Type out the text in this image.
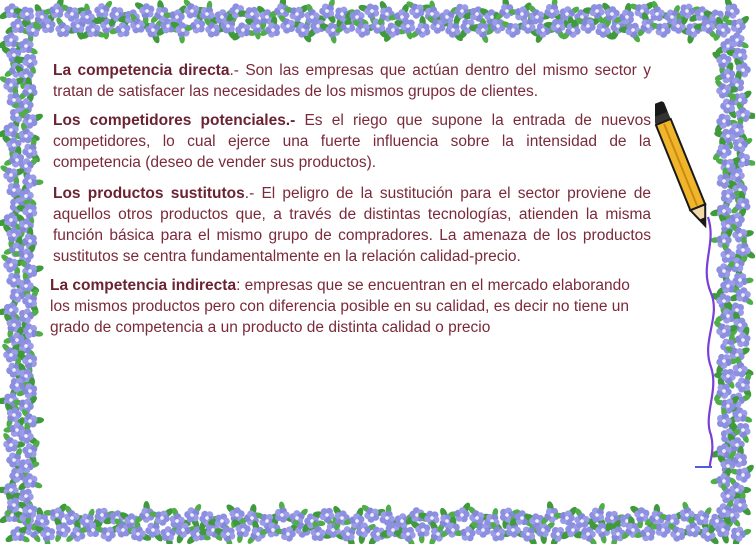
La competencia directa.- Son las empresas que actúan dentro del mismo sector y tratan de satisfacer las necesidades de los mismos grupos de clientes.

Los competidores potenciales.- Es el riego que supone la entrada de nuevos competidores, lo cual ejerce una fuerte influencia sobre la intensidad de la competencia (deseo de vender sus productos).

Los productos sustitutos.- El peligro de la sustitución para el sector proviene de aquellos otros productos que, a través de distintas tecnologías, atienden la misma función básica para el mismo grupo de compradores. La amenaza de los productos sustitutos se centra fundamentalmente en la relación calidad-precio.

La competencia indirecta: empresas que se encuentran en el mercado elaborando los mismos productos pero con diferencia posible en su calidad, es decir no tiene un grado de competencia a un producto de distinta calidad o precio
